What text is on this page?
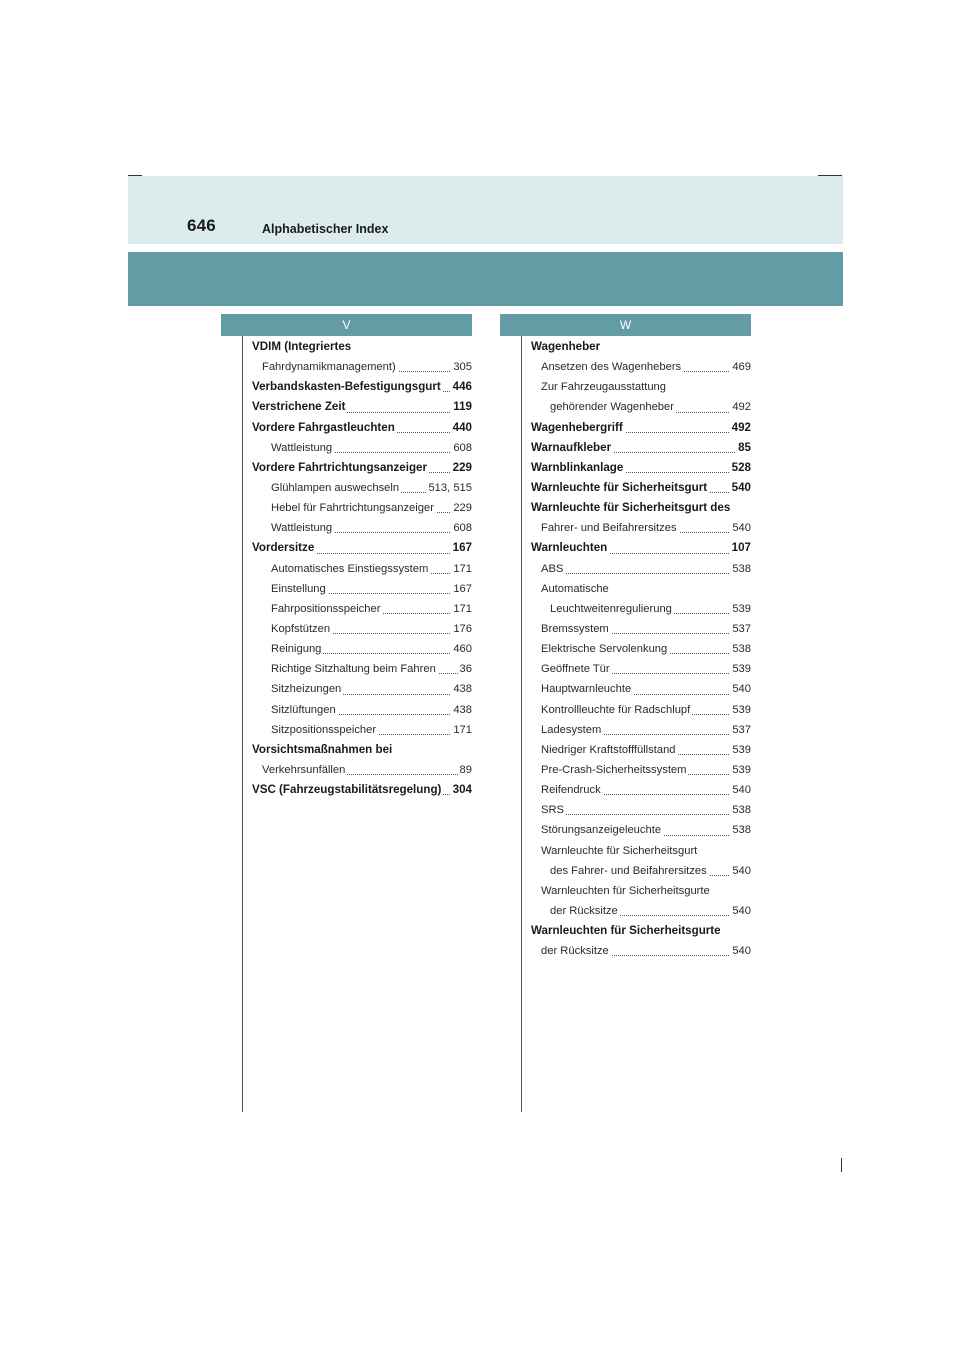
646	Alphabetischer Index
V	W
VDIM (Integriertes
Fahrdynamikmanagement)	305
Verbandskasten-Befestigungsgurt 446
Verstrichene Zeit	119
Vordere Fahrgastleuchten	440
Wattleistung	608
Vordere Fahrtrichtungsanzeiger 229
Glühlampen auswechseln	513, 515
Hebel für Fahrtrichtungsanzeiger 229
Wattleistung	608
Vordersitze	167
Automatisches Einstiegssystem 171
Einstellung	167
Fahrpositionsspeicher	171
Kopfstützen	176
Reinigung	460
Richtige Sitzhaltung beim Fahren 36
Sitzheizungen	438
Sitzlüftungen	438
Sitzpositionsspeicher	171
Vorsichtsmaßnahmen bei
Verkehrsunfällen	89
VSC (Fahrzeugstabilitätsregelung) 304
Wagenheber
Ansetzen des Wagenhebers	469
Zur Fahrzeugausstattung
gehörender Wagenheber	492
Wagenhebergriff	492
Warnaufkleber	85
Warnblinkanlage	528
Warnleuchte für Sicherheitsgurt 540
Warnleuchte für Sicherheitsgurt des
Fahrer- und Beifahrersitzes	540
Warnleuchten	107
ABS	538
Automatische
Leuchtweitenregulierung	539
Bremssystem	537
Elektrische Servolenkung	538
Geöffnete Tür	539
Hauptwarnleuchte	540
Kontrollleuchte für Radschlupf	539
Ladesystem	537
Niedriger Kraftstofffüllstand	539
Pre-Crash-Sicherheitssystem	539
Reifendruck	540
SRS	538
Störungsanzeigeleuchte	538
Warnleuchte für Sicherheitsgurt
des Fahrer- und Beifahrersitzes 540
Warnleuchten für Sicherheitsgurte
der Rücksitze	540
Warnleuchten für Sicherheitsgurte
der Rücksitze	540
